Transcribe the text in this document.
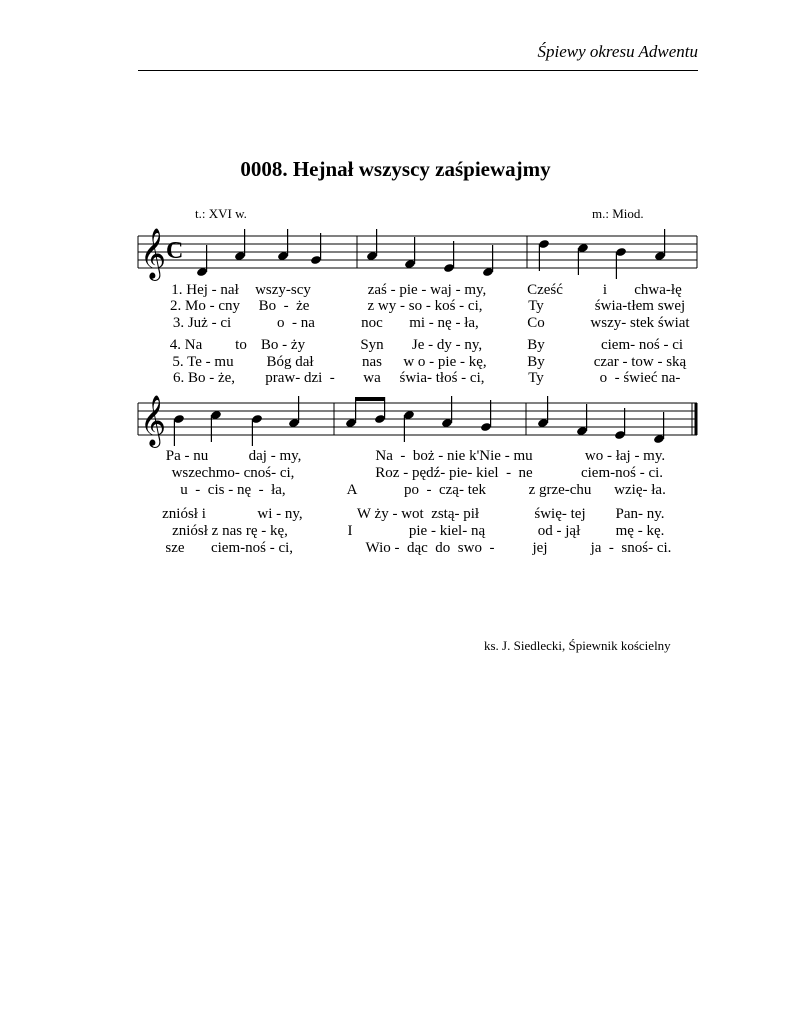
Śpiewy okresu Adwentu
0008. Hejnał wszyscy zaśpiewajmy
t.: XVI w.	m.: Miod.
𝄞 C
𝄞
1. Hej - nał wszy-scy	zaś - pie - waj - my,	Cześć	i chwa-łę
2. Mo - cny Bo  -  że	z wy - so - koś - ci,	Ty	świa-tłem swej
3. Już - ci	o  - na	noc mi - nę - ła,	Co	wszy- stek świat
4. Na to Bo - ży	Syn Je - dy - ny,	By	ciem- noś - ci
5. Te - mu Bóg dał	nas w o - pie - kę,	By	czar - tow - ską
6. Bo - że, praw- dzi  - wa świa- tłoś - ci,	Ty	o  - świeć na-
Pa - nu	daj - my,	Na  -  boż - nie k'Nie - mu	wo - łaj - my.
wszechmo- cnoś- ci,	Roz - pędź- pie- kiel  -  ne	ciem-noś - ci.
u  -  cis - nę  -  ła,	A	po  -  czą- tek	z grze-chu wzię- ła.
zniósł i	wi - ny,	W ży - wot  zstą- pił	świę- tej Pan- ny.
zniósł z nas rę - kę,	I	pie - kiel- ną	od - jął mę - kę.
sze ciem-noś - ci,	Wio -  dąc  do  swo  -	jej	ja  -  snoś- ci.
ks. J. Siedlecki, Śpiewnik kościelny
